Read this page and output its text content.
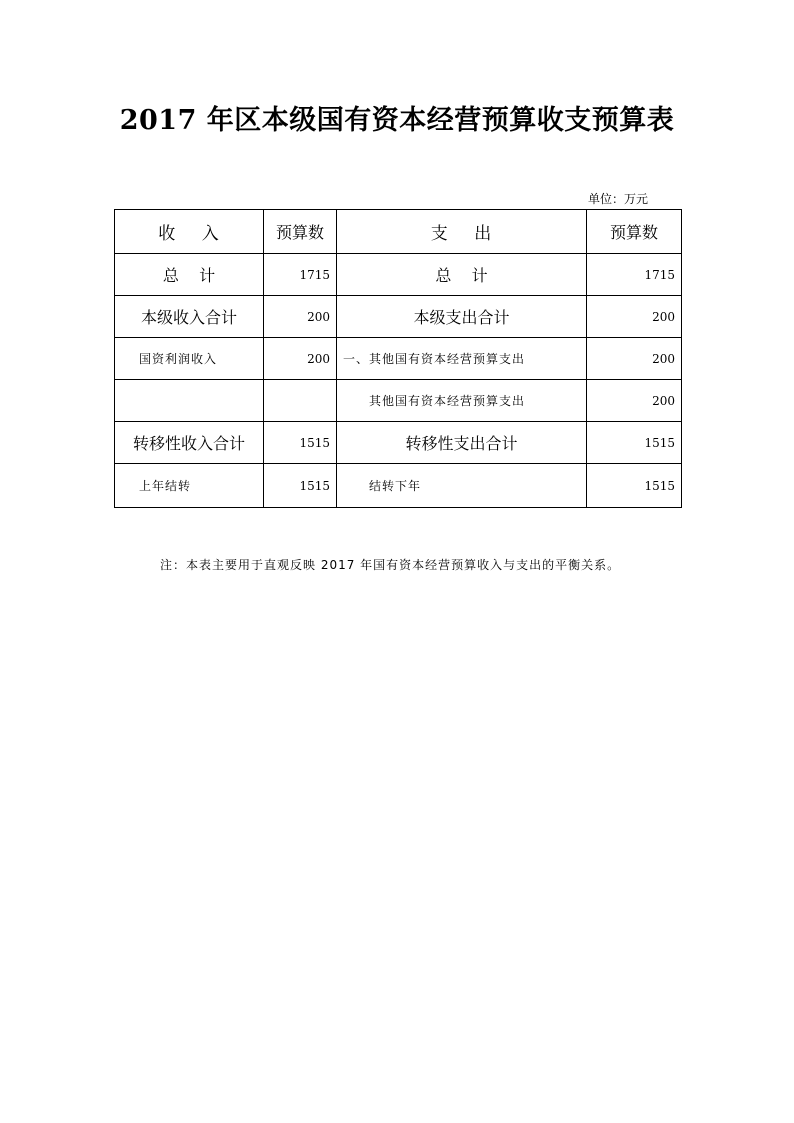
2017 年区本级国有资本经营预算收支预算表
单位：万元
收    入	预算数	支    出	预算数
总    计	1715	总    计	1715
本级收入合计	200	本级支出合计	200
国资利润收入	200	一、其他国有资本经营预算支出	200
		其他国有资本经营预算支出	200
转移性收入合计	1515	转移性支出合计	1515
上年结转	1515	结转下年	1515
注：本表主要用于直观反映 2017 年国有资本经营预算收入与支出的平衡关系。
